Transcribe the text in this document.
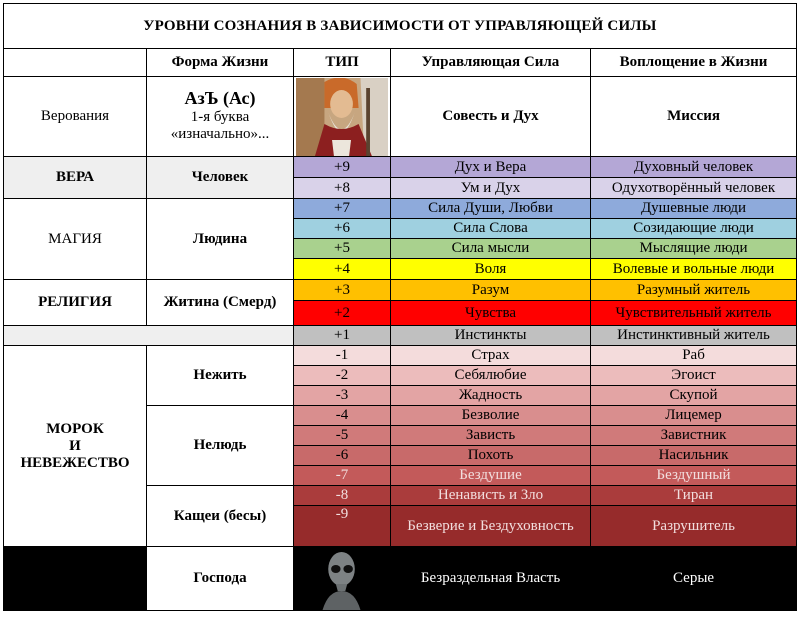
УРОВНИ СОЗНАНИЯ В ЗАВИСИМОСТИ ОТ УПРАВЛЯЮЩЕЙ СИЛЫ				
	Форма Жизни	ТИП	Управляющая Сила	Воплощение в Жизни
Верования	АзЪ (Ас)
1-я буква
«изначально»...		Совесть и Дух	Миссия
ВЕРА	Человек	+9	Дух и Вера	Духовный человек
		+8	Ум и Дух	Одухотворённый человек
МАГИЯ	Людина	+7	Сила Души, Любви	Душевные люди
		+6	Сила Слова	Созидающие люди
		+5	Сила мысли	Мыслящие люди
		+4	Воля	Волевые и вольные люди
РЕЛИГИЯ	Житина (Смерд)	+3	Разум	Разумный житель
		+2	Чувства	Чувствительный житель
		+1	Инстинкты	Инстинктивный житель
МОРОК
И
НЕВЕЖЕСТВО	Нежить	-1	Страх	Раб
		-2	Себялюбие	Эгоист
		-3	Жадность	Скупой
	Нелюдь	-4	Безволие	Лицемер
		-5	Зависть	Завистник
		-6	Похоть	Насильник
		-7	Бездушие	Бездушный
	Кащеи (бесы)	-8	Ненависть и Зло	Тиран
		-9	Безверие и Бездуховность	Разрушитель
	Господа		Безраздельная Власть	Серые
